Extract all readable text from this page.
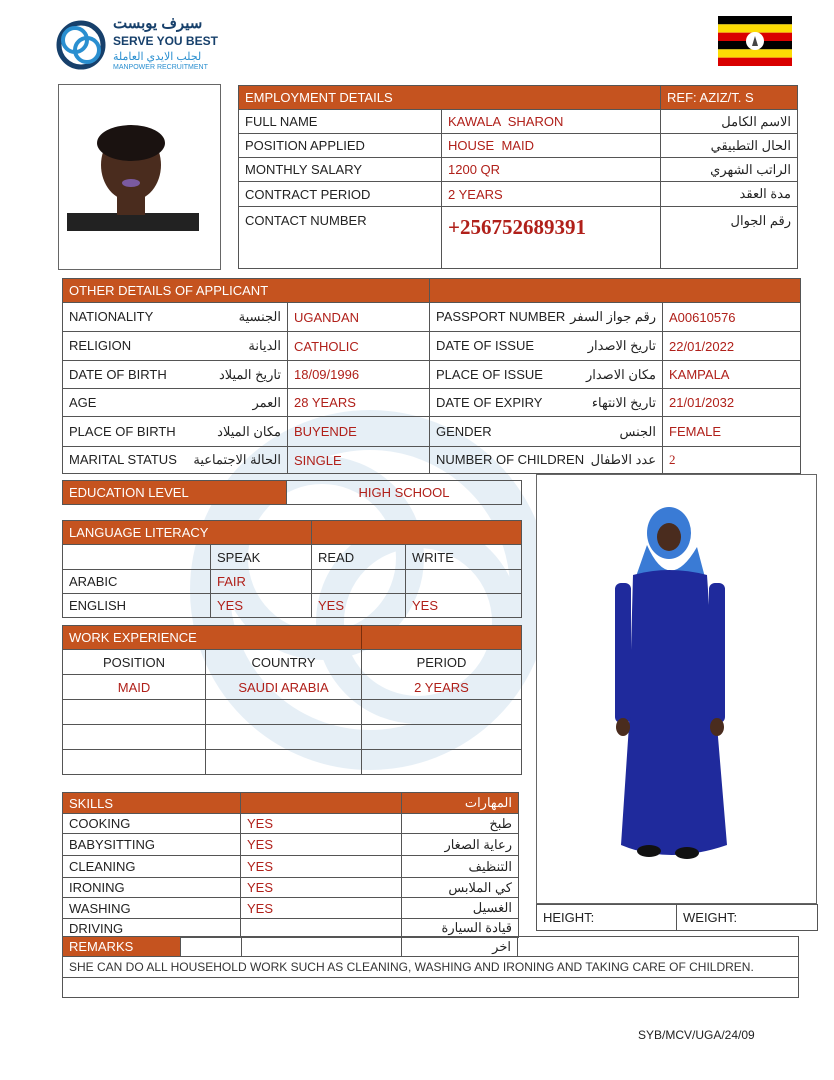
سيرف يوبست
SERVE YOU BEST
لجلب الايدي العاملة
MANPOWER RECRUITMENT
EMPLOYMENT DETAILS		REF: AZIZ/T. S
FULL NAME	KAWALA  SHARON	الاسم الكامل
POSITION APPLIED	HOUSE  MAID	الحال التطبيقي
MONTHLY SALARY	1200 QR	الراتب الشهري
CONTRACT PERIOD	2 YEARS	مدة العقد
CONTACT NUMBER	+256752689391	رقم الجوال
OTHER DETAILS OF APPLICANT			
NATIONALITY الجنسية	UGANDAN	PASSPORT NUMBER رقم جواز السفر	A00610576
RELIGION الديانة	CATHOLIC	DATE OF ISSUE تاريخ الاصدار	22/01/2022
DATE OF BIRTH تاريخ الميلاد	18/09/1996	PLACE OF ISSUE مكان الاصدار	KAMPALA
AGE العمر	28 YEARS	DATE OF EXPIRY تاريخ الانتهاء	21/01/2032
PLACE OF BIRTH مكان الميلاد	BUYENDE	GENDER الجنس	FEMALE
MARITAL STATUS الحالة الاجتماعية	SINGLE	NUMBER OF CHILDREN عدد الاطفال	2
EDUCATION LEVEL	HIGH SCHOOL
LANGUAGE LITERACY			
	SPEAK	READ	WRITE
ARABIC	FAIR		
ENGLISH	YES	YES	YES
WORK EXPERIENCE		
POSITION	COUNTRY	PERIOD
MAID	SAUDI ARABIA	2 YEARS

SKILLS		المهارات
COOKING	YES	طبخ
BABYSITTING	YES	رعاية الصغار
CLEANING	YES	التنظيف
IRONING	YES	كي الملابس
WASHING	YES	الغسيل
DRIVING		قيادة السيارة
HEIGHT:	WEIGHT:
REMARKS			اخر	
SHE CAN DO ALL HOUSEHOLD WORK SUCH AS CLEANING, WASHING AND IRONING AND TAKING CARE OF CHILDREN.

SYB/MCV/UGA/24/09
